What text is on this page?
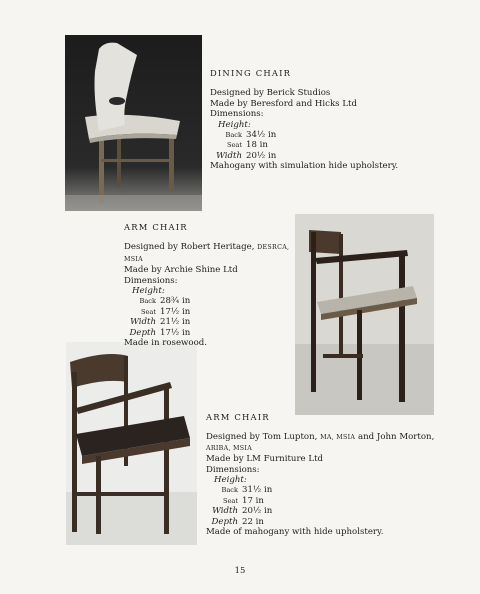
DINING CHAIR
Designed by Berick Studios
Made by Beresford and Hicks Ltd
Dimensions:
Height:
Back 34½ in
Seat 18 in
Width 20½ in
Mahogany with simulation hide upholstery.
ARM CHAIR
Designed by Robert Heritage, DESRCA, MSIA
Made by Archie Shine Ltd
Dimensions:
Height:
Back 28¾ in
Seat 17½ in
Width 21½ in
Depth 17½ in
Made in rosewood.
ARM CHAIR
Designed by Tom Lupton, MA, MSIA and John Morton,
ARIBA, MSIA
Made by LM Furniture Ltd
Dimensions:
Height:
Back 31½ in
Seat 17 in
Width 20½ in
Depth 22 in
Made of mahogany with hide upholstery.
15
